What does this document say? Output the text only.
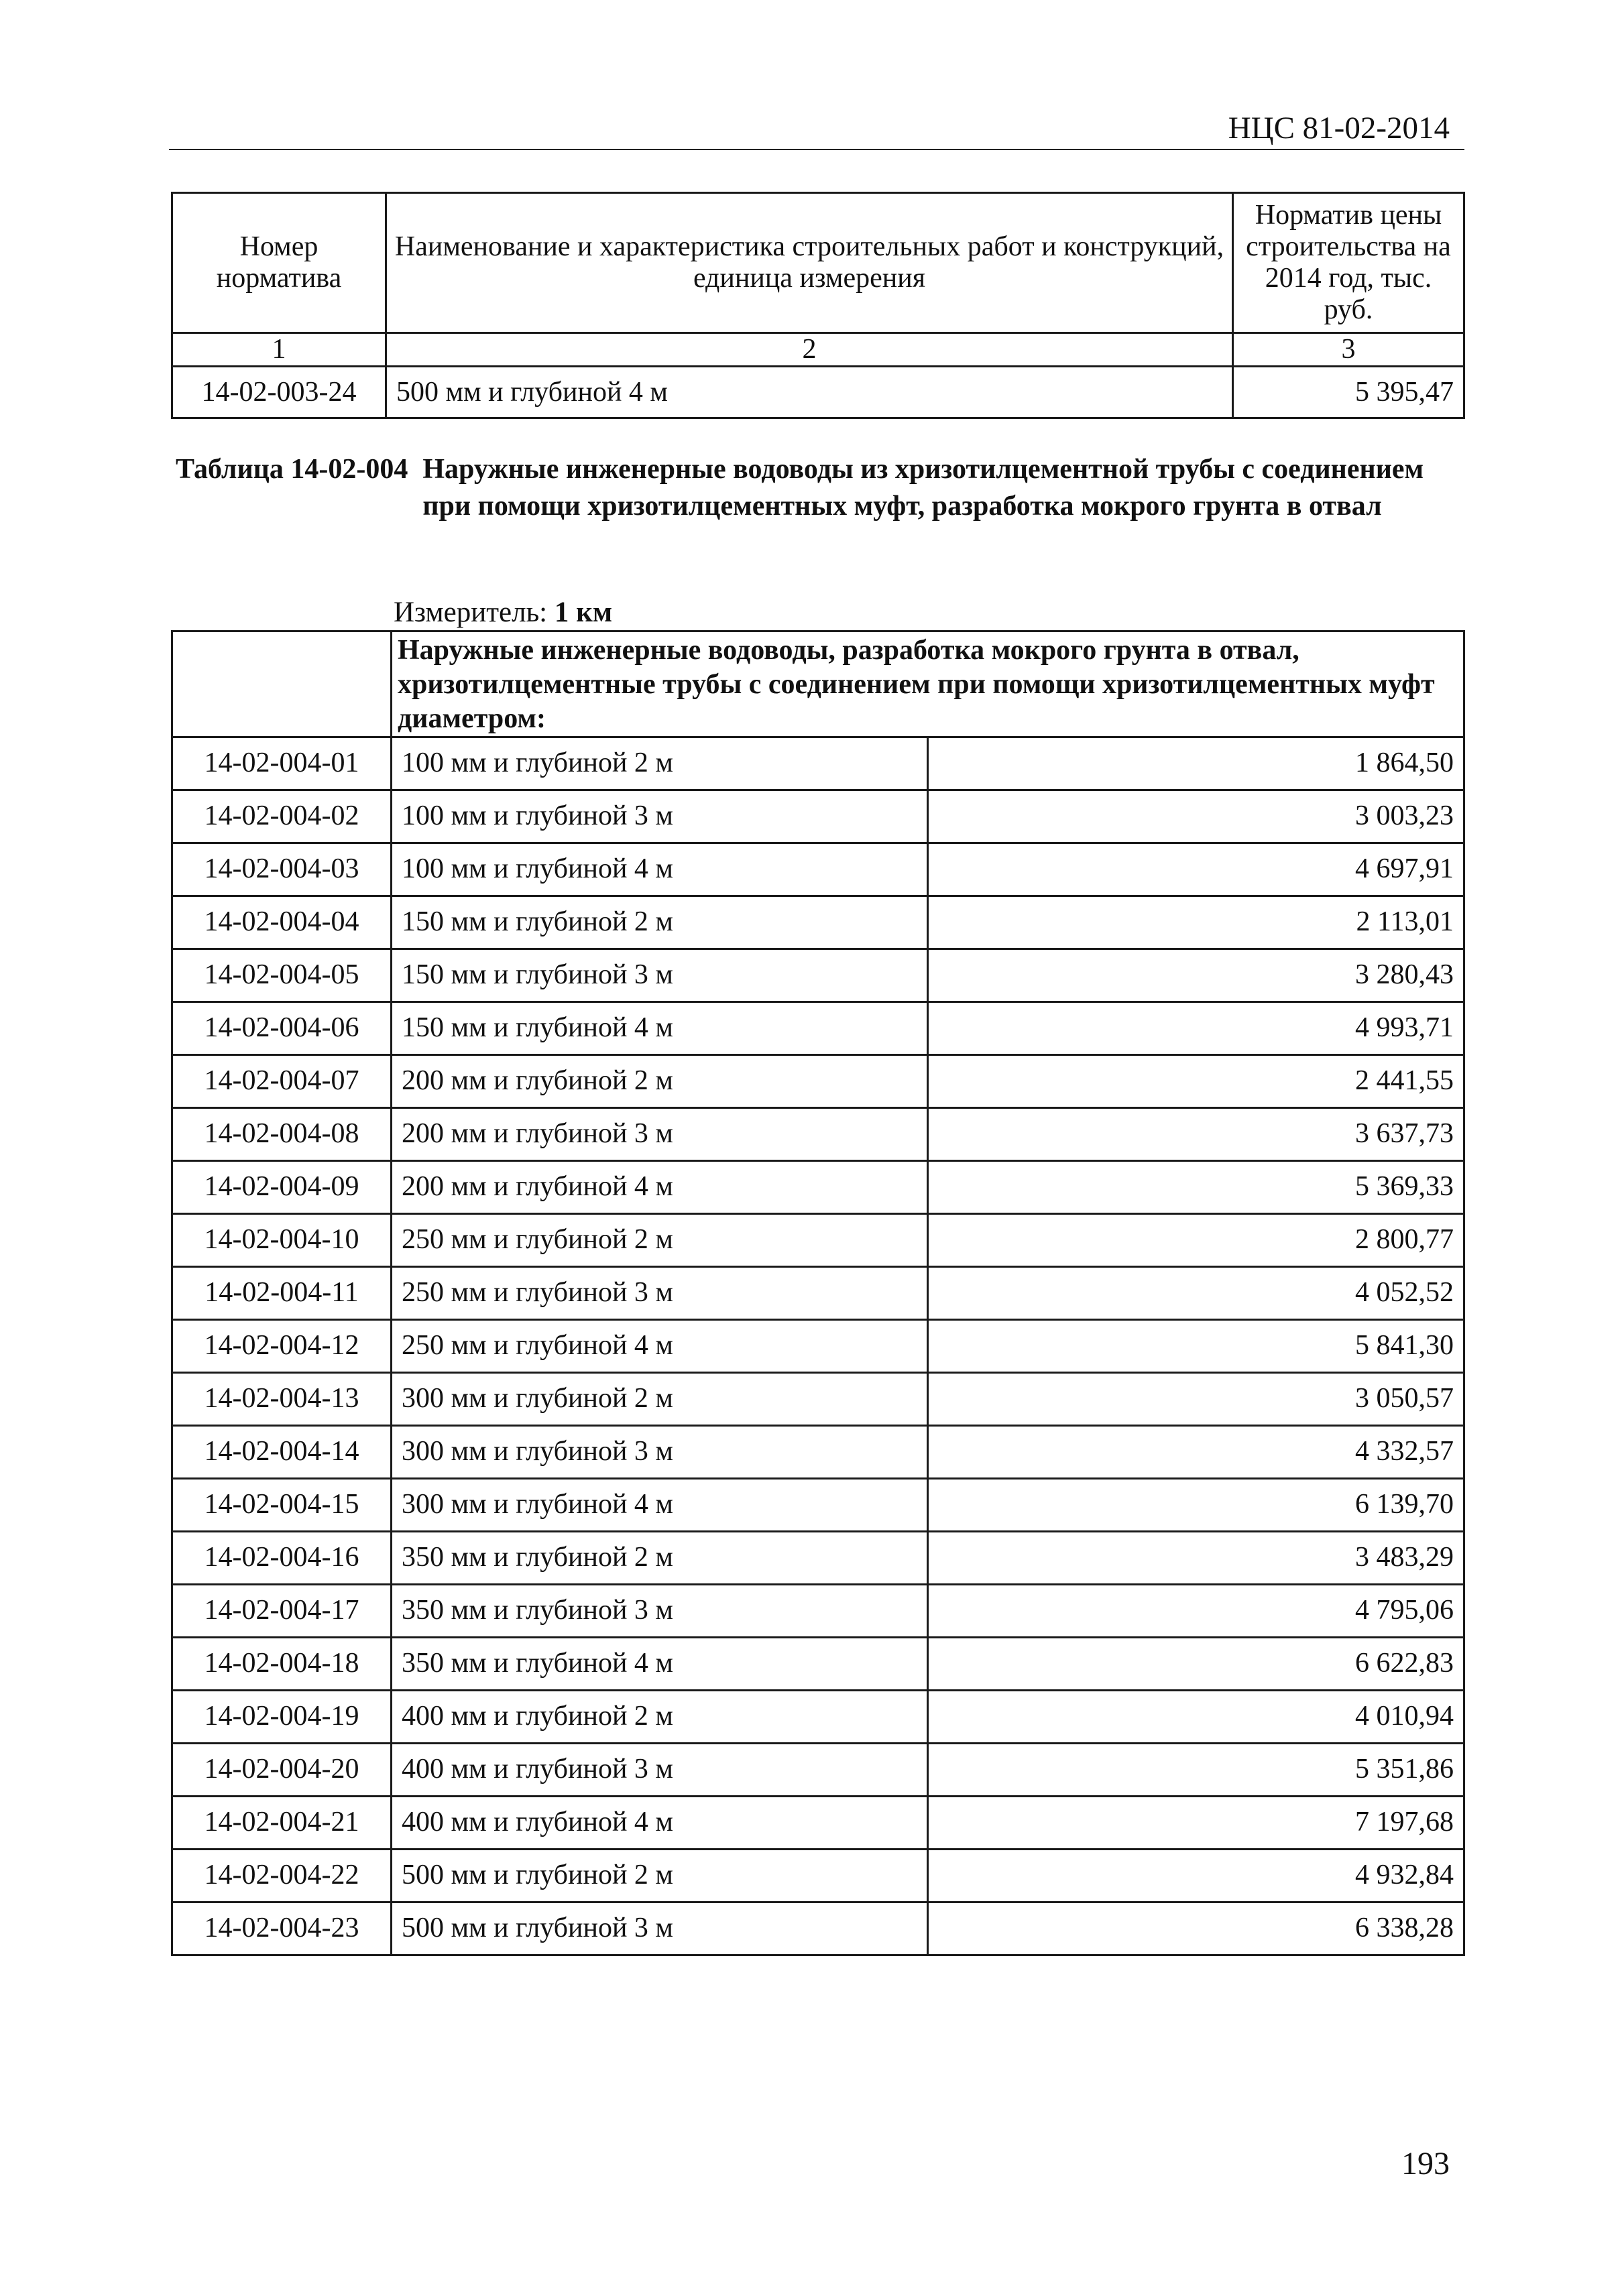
НЦС 81-02-2014
Номер норматива	Наименование и характеристика строительных работ и конструкций, единица измерения	Норматив цены строительства на 2014 год, тыс. руб.
1	2	3
14-02-003-24	500 мм и глубиной 4 м	5 395,47
Таблица 14-02-004 Наружные инженерные водоводы из хризотилцементной трубы с соединением при помощи хризотилцементных муфт, разработка мокрого грунта в отвал
Измеритель: 1 км
	Наружные инженерные водоводы, разработка мокрого грунта в отвал, хризотилцементные трубы с соединением при помощи хризотилцементных муфт диаметром:	
14-02-004-01	100 мм и глубиной 2 м	1 864,50
14-02-004-02	100 мм и глубиной 3 м	3 003,23
14-02-004-03	100 мм и глубиной 4 м	4 697,91
14-02-004-04	150 мм и глубиной 2 м	2 113,01
14-02-004-05	150 мм и глубиной 3 м	3 280,43
14-02-004-06	150 мм и глубиной 4 м	4 993,71
14-02-004-07	200 мм и глубиной 2 м	2 441,55
14-02-004-08	200 мм и глубиной 3 м	3 637,73
14-02-004-09	200 мм и глубиной 4 м	5 369,33
14-02-004-10	250 мм и глубиной 2 м	2 800,77
14-02-004-11	250 мм и глубиной 3 м	4 052,52
14-02-004-12	250 мм и глубиной 4 м	5 841,30
14-02-004-13	300 мм и глубиной 2 м	3 050,57
14-02-004-14	300 мм и глубиной 3 м	4 332,57
14-02-004-15	300 мм и глубиной 4 м	6 139,70
14-02-004-16	350 мм и глубиной 2 м	3 483,29
14-02-004-17	350 мм и глубиной 3 м	4 795,06
14-02-004-18	350 мм и глубиной 4 м	6 622,83
14-02-004-19	400 мм и глубиной 2 м	4 010,94
14-02-004-20	400 мм и глубиной 3 м	5 351,86
14-02-004-21	400 мм и глубиной 4 м	7 197,68
14-02-004-22	500 мм и глубиной 2 м	4 932,84
14-02-004-23	500 мм и глубиной 3 м	6 338,28
193
